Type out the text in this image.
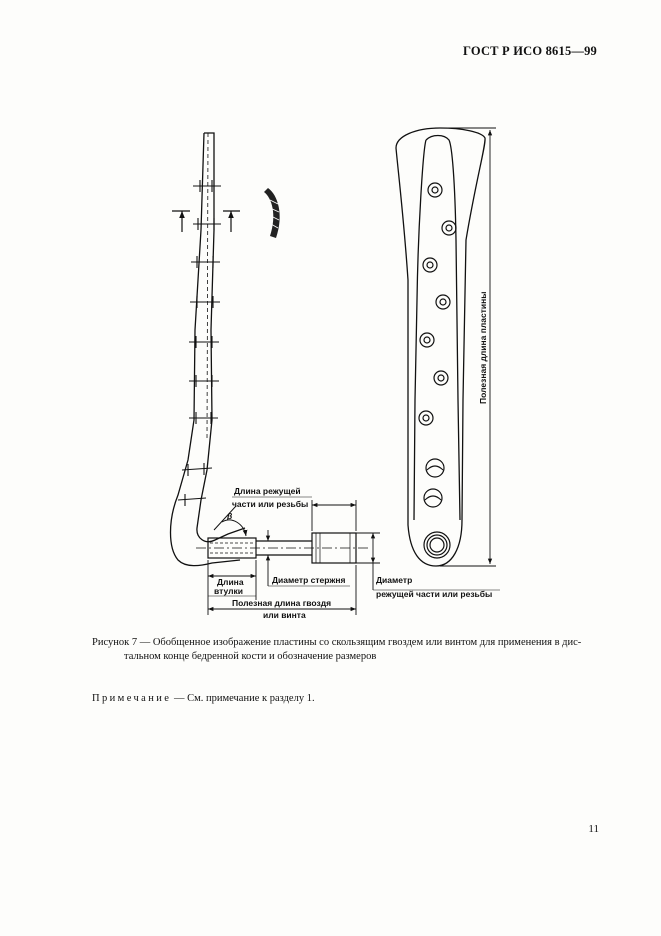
ГОСТ Р ИСО 8615—99
β
Длина режущей
части или резьбы
Диаметр
режущей части или резьбы
Диаметр стержня
Длина
втулки
Полезная длина гвоздя
или винта
Полезная длина пластины
Рисунок 7 — Обобщенное изображение пластины со скользящим гвоздем или винтом для применения в дис-
тальном конце бедренной кости и обозначение размеров
Примечание — См. примечание к разделу 1.
11
